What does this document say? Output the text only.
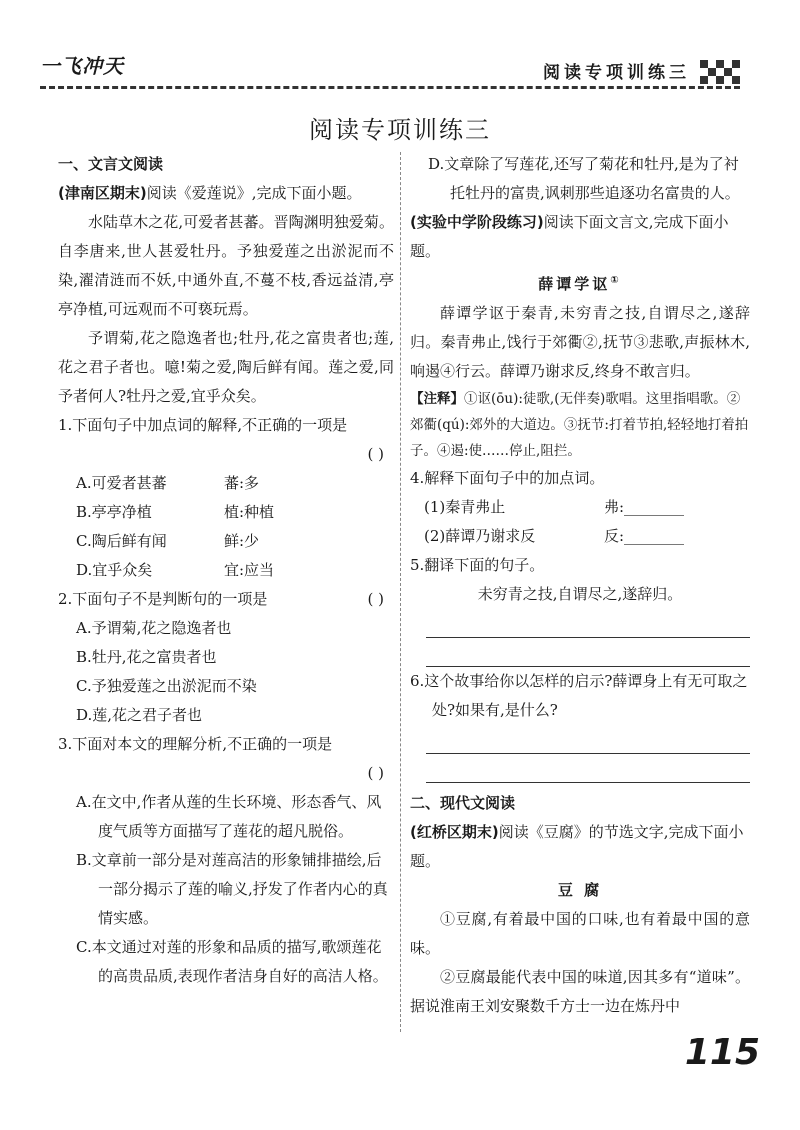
一飞冲天	阅读专项训练三
阅读专项训练三

一、文言文阅读

(津南区期末)阅读《爱莲说》,完成下面小题。

水陆草木之花,可爱者甚蕃。晋陶渊明独爱菊。自李唐来,世人甚爱牡丹。予独爱莲之出淤泥而不染,濯清涟而不妖,中通外直,不蔓不枝,香远益清,亭亭净植,可远观而不可亵玩焉。

予谓菊,花之隐逸者也;牡丹,花之富贵者也;莲,花之君子者也。噫!菊之爱,陶后鲜有闻。莲之爱,同予者何人?牡丹之爱,宜乎众矣。

1.下面句子中加点词的解释,不正确的一项是

( )

A.可爱者甚蕃	蕃:多
B.亭亭净植	植:种植
C.陶后鲜有闻	鲜:少
D.宜乎众矣	宜:应当

2.下面句子不是判断句的一项是	( )

A.予谓菊,花之隐逸者也

B.牡丹,花之富贵者也

C.予独爱莲之出淤泥而不染

D.莲,花之君子者也

3.下面对本文的理解分析,不正确的一项是

( )

A.在文中,作者从莲的生长环境、形态香气、风度气质等方面描写了莲花的超凡脱俗。

B.文章前一部分是对莲高洁的形象铺排描绘,后一部分揭示了莲的喻义,抒发了作者内心的真情实感。

C.本文通过对莲的形象和品质的描写,歌颂莲花的高贵品质,表现作者洁身自好的高洁人格。

D.文章除了写莲花,还写了菊花和牡丹,是为了衬托牡丹的富贵,讽刺那些追逐功名富贵的人。

(实验中学阶段练习)阅读下面文言文,完成下面小题。

薛谭学讴①

薛谭学讴于秦青,未穷青之技,自谓尽之,遂辞归。秦青弗止,饯行于郊衢②,抚节③悲歌,声振林木,响遏④行云。薛谭乃谢求反,终身不敢言归。

【注释】①讴(ōu):徒歌,(无伴奏)歌唱。这里指唱歌。②郊衢(qú):郊外的大道边。③抚节:打着节拍,轻轻地打着拍子。④遏:使……停止,阻拦。

4.解释下面句子中的加点词。

(1)秦青弗止	弗:________
(2)薛谭乃谢求反	反:________

5.翻译下面的句子。

未穷青之技,自谓尽之,遂辞归。

6.这个故事给你以怎样的启示?薛谭身上有无可取之处?如果有,是什么?

二、现代文阅读

(红桥区期末)阅读《豆腐》的节选文字,完成下面小题。

豆 腐

①豆腐,有着最中国的口味,也有着最中国的意味。

②豆腐最能代表中国的味道,因其多有“道味”。据说淮南王刘安聚数千方士一边在炼丹中

115
